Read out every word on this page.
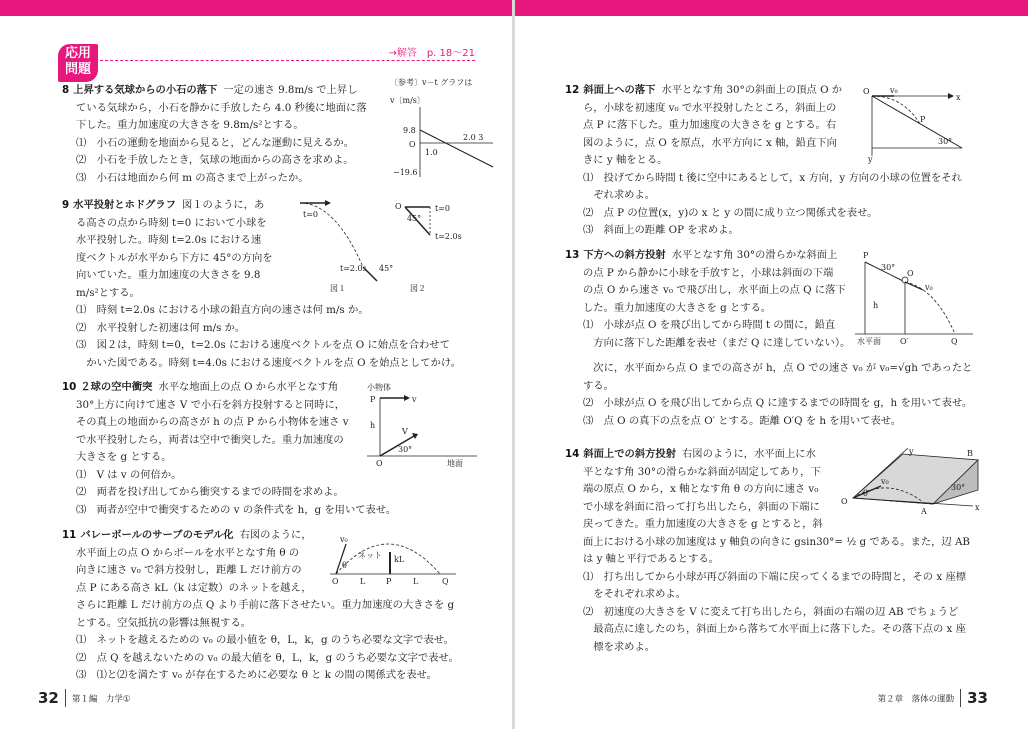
応用
問題
→解答　p. 18～21
8 上昇する気球からの小石の落下 一定の速さ 9.8m/s で上昇し
ている気球から，小石を静かに手放したら 4.0 秒後に地面に落
下した。重力加速度の大きさを 9.8m/s²とする。
⑴　小石の運動を地面から見ると，どんな運動に見えるか。
⑵　小石を手放したとき，気球の地面からの高さを求めよ。
⑶　小石は地面から何 m の高さまで上がったか。
〔参考〕v－t グラフは
v〔m/s〕
9.8
O
1.0
2.0 3
−19.6
9 水平投射とホドグラフ 図１のように，あ
る高さの点から時刻 t=0 において小球を
水平投射した。時刻 t=2.0s における速
度ベクトルが水平から下方に 45°の方向を
向いていた。重力加速度の大きさを 9.8
m/s²とする。
⑴　時刻 t=2.0s における小球の鉛直方向の速さは何 m/s か。
⑵　水平投射した初速は何 m/s か。
⑶　図２は，時刻 t=0，t=2.0s における速度ベクトルを点 O に始点を合わせて
　かいた図である。時刻 t=4.0s における速度ベクトルを点 O を始点としてかけ。
t=0
t=2.0s 45°
図１
O	t=0
t=2.0s
45°
図２
10 ２球の空中衝突 水平な地面上の点 O から水平となす角
30°上方に向けて速さ V で小石を斜方投射すると同時に，
その真上の地面からの高さが h の点 P から小物体を速さ v
で水平投射したら，両者は空中で衝突した。重力加速度の
大きさを g とする。
⑴　V は v の何倍か。
⑵　両者を投げ出してから衝突するまでの時間を求めよ。
⑶　両者が空中で衝突するための v の条件式を h，g を用いて表せ。
小物体
P	v
h
V
30°
O	地面
11 バレーボールのサーブのモデル化 右図のように，
水平面上の点 O からボールを水平となす角 θ の
向きに速さ v₀ で斜方投射し，距離 L だけ前方の
点 P にある高さ kL（k は定数）のネットを越え，
さらに距離 L だけ前方の点 Q より手前に落下させたい。重力加速度の大きさを g
とする。空気抵抗の影響は無視する。
⑴　ネットを越えるための v₀ の最小値を θ，L，k，g のうち必要な文字で表せ。
⑵　点 Q を越えないための v₀ の最大値を θ，L，k，g のうち必要な文字で表せ。
⑶　⑴と⑵を満たす v₀ が存在するために必要な θ と k の間の関係式を表せ。
v₀
θ
ネット kL
O	L	P	L	Q
32 第１編　力学①
12 斜面上への落下 水平となす角 30°の斜面上の頂点 O か
ら，小球を初速度 v₀ で水平投射したところ，斜面上の
点 P に落下した。重力加速度の大きさを g とする。右
図のように，点 O を原点，水平方向に x 軸，鉛直下向
きに y 軸をとる。
⑴　投げてから時間 t 後に空中にあるとして，x 方向，y 方向の小球の位置をそれ
　ぞれ求めよ。
⑵　点 P の位置(x，y)の x と y の間に成り立つ関係式を表せ。
⑶　斜面上の距離 OP を求めよ。
O
x
y
v₀
P
30°
13 下方への斜方投射 水平となす角 30°の滑らかな斜面上
の点 P から静かに小球を手放すと，小球は斜面の下端
の点 O から速さ v₀ で飛び出し，水平面上の点 Q に落下
した。重力加速度の大きさを g とする。
⑴　小球が点 O を飛び出してから時間 t の間に，鉛直
　方向に落下した距離を表せ（まだ Q に達していない）。
　次に，水平面から点 O までの高さが h，点 O での速さ v₀ が v₀=√gh であったと
する。
⑵　小球が点 O を飛び出してから点 Q に達するまでの時間を g，h を用いて表せ。
⑶　点 O の真下の点を点 O′ とする。距離 O′Q を h を用いて表せ。
P
30°
O
v₀
h
水平面 O′	Q
14 斜面上での斜方投射 右図のように，水平面上に水
平となす角 30°の滑らかな斜面が固定してあり，下
端の原点 O から，x 軸となす角 θ の方向に速さ v₀
で小球を斜面に沿って打ち出したら，斜面の下端に
戻ってきた。重力加速度の大きさを g とすると，斜
面上における小球の加速度は y 軸負の向きに gsin30°= ½ g である。また，辺 AB
は y 軸と平行であるとする。
⑴　打ち出してから小球が再び斜面の下端に戻ってくるまでの時間と，その x 座標
　をそれぞれ求めよ。
⑵　初速度の大きさを V に変えて打ち出したら，斜面の右端の辺 AB でちょうど
　最高点に達したのち，斜面上から落ちて水平面上に落下した。その落下点の x 座
　標を求めよ。
y	B
30°
x
v₀
O
θ
A
第２章　落体の運動 33
